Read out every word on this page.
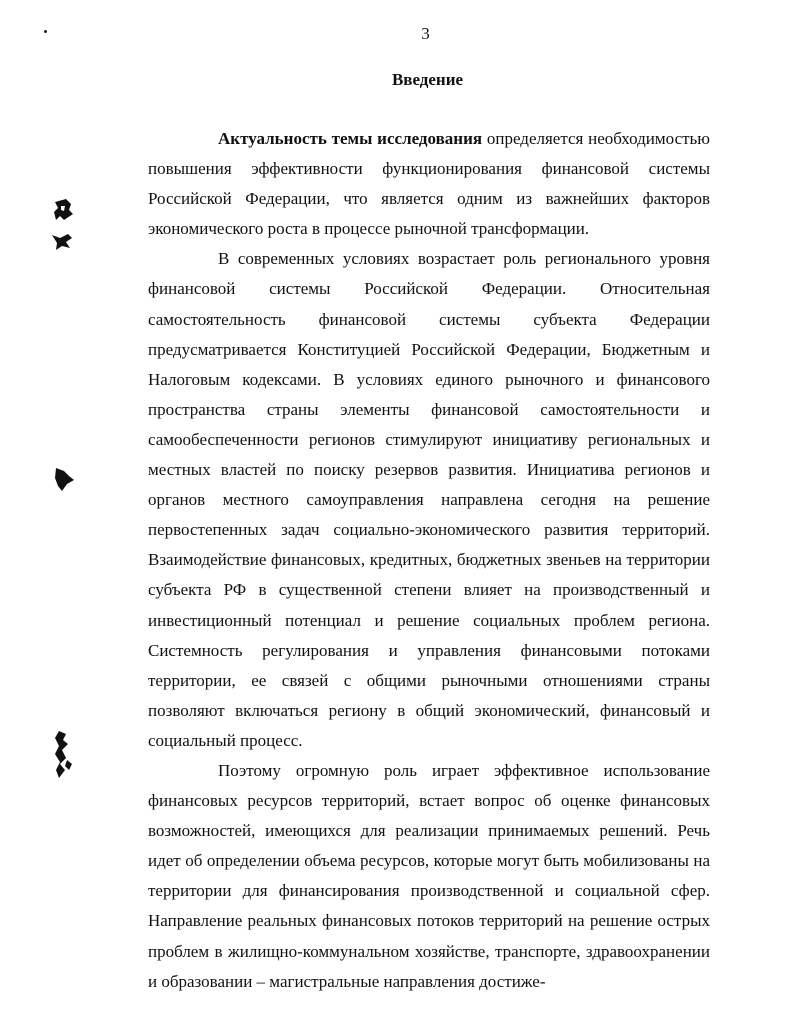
3
Введение

Актуальность темы исследования определяется необходимостью повышения эффективности функционирования финансовой системы Российской Федерации, что является одним из важнейших факторов экономического роста в процессе рыночной трансформации.

В современных условиях возрастает роль регионального уровня финансовой системы Российской Федерации. Относительная самостоятельность финансовой системы субъекта Федерации предусматривается Конституцией Российской Федерации, Бюджетным и Налоговым кодексами. В условиях единого рыночного и финансового пространства страны элементы финансовой самостоятельности и самообеспеченности регионов стимулируют инициативу региональных и местных властей по поиску резервов развития. Инициатива регионов и органов местного самоуправления направлена сегодня на решение первостепенных задач социально-экономического развития территорий. Взаимодействие финансовых, кредитных, бюджетных звеньев на территории субъекта РФ в существенной степени влияет на производственный и инвестиционный потенциал и решение социальных проблем региона. Системность регулирования и управления финансовыми потоками территории, ее связей с общими рыночными отношениями страны позволяют включаться региону в общий экономический, финансовый и социальный процесс.

Поэтому огромную роль играет эффективное использование финансовых ресурсов территорий, встает вопрос об оценке финансовых возможностей, имеющихся для реализации принимаемых решений. Речь идет об определении объема ресурсов, которые могут быть мобилизованы на территории для финансирования производственной и социальной сфер. Направление реальных финансовых потоков территорий на решение острых проблем в жилищно-коммунальном хозяйстве, транспорте, здравоохранении и образовании – магистральные направления достиже-
